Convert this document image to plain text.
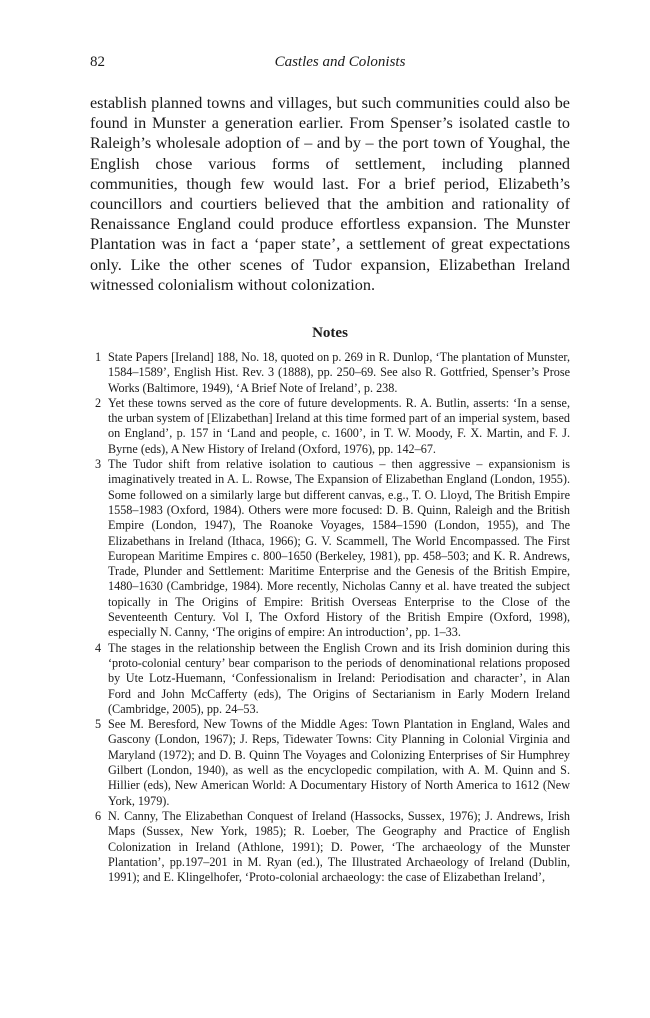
82	Castles and Colonists

establish planned towns and villages, but such communities could also be found in Munster a generation earlier. From Spenser’s isolated castle to Raleigh’s wholesale adoption of – and by – the port town of Youghal, the English chose various forms of settlement, including planned communities, though few would last. For a brief period, Elizabeth’s councillors and courtiers believed that the ambition and rationality of Renaissance England could produce effortless expansion. The Munster Plantation was in fact a ‘paper state’, a settlement of great expectations only. Like the other scenes of Tudor expansion, Elizabethan Ireland witnessed colonialism without colonization.

Notes
1 State Papers [Ireland] 188, No. 18, quoted on p. 269 in R. Dunlop, ‘The plantation of Munster, 1584–1589’, English Hist. Rev. 3 (1888), pp. 250–69. See also R. Gottfried, Spenser’s Prose Works (Baltimore, 1949), ‘A Brief Note of Ireland’, p. 238.
2 Yet these towns served as the core of future developments. R. A. Butlin, asserts: ‘In a sense, the urban system of [Elizabethan] Ireland at this time formed part of an imperial system, based on England’, p. 157 in ‘Land and people, c. 1600’, in T. W. Moody, F. X. Martin, and F. J. Byrne (eds), A New History of Ireland (Oxford, 1976), pp. 142–67.
3 The Tudor shift from relative isolation to cautious – then aggressive – expansionism is imaginatively treated in A. L. Rowse, The Expansion of Elizabethan England (London, 1955). Some followed on a similarly large but different canvas, e.g., T. O. Lloyd, The British Empire 1558–1983 (Oxford, 1984). Others were more focused: D. B. Quinn, Raleigh and the British Empire (London, 1947), The Roanoke Voyages, 1584–1590 (London, 1955), and The Elizabethans in Ireland (Ithaca, 1966); G. V. Scammell, The World Encompassed. The First European Maritime Empires c. 800–1650 (Berkeley, 1981), pp. 458–503; and K. R. Andrews, Trade, Plunder and Settlement: Maritime Enterprise and the Genesis of the British Empire, 1480–1630 (Cambridge, 1984). More recently, Nicholas Canny et al. have treated the subject topically in The Origins of Empire: British Overseas Enterprise to the Close of the Seventeenth Century. Vol I, The Oxford History of the British Empire (Oxford, 1998), especially N. Canny, ‘The origins of empire: An introduction’, pp. 1–33.
4 The stages in the relationship between the English Crown and its Irish dominion during this ‘proto-colonial century’ bear comparison to the periods of denominational relations proposed by Ute Lotz-Huemann, ‘Confessionalism in Ireland: Periodisation and character’, in Alan Ford and John McCafferty (eds), The Origins of Sectarianism in Early Modern Ireland (Cambridge, 2005), pp. 24–53.
5 See M. Beresford, New Towns of the Middle Ages: Town Plantation in England, Wales and Gascony (London, 1967); J. Reps, Tidewater Towns: City Planning in Colonial Virginia and Maryland (1972); and D. B. Quinn The Voyages and Colonizing Enterprises of Sir Humphrey Gilbert (London, 1940), as well as the encyclopedic compilation, with A. M. Quinn and S. Hillier (eds), New American World: A Documentary History of North America to 1612 (New York, 1979).
6 N. Canny, The Elizabethan Conquest of Ireland (Hassocks, Sussex, 1976); J. Andrews, Irish Maps (Sussex, New York, 1985); R. Loeber, The Geography and Practice of English Colonization in Ireland (Athlone, 1991); D. Power, ‘The archaeology of the Munster Plantation’, pp.197–201 in M. Ryan (ed.), The Illustrated Archaeology of Ireland (Dublin, 1991); and E. Klingelhofer, ‘Proto-colonial archaeology: the case of Elizabethan Ireland’,
